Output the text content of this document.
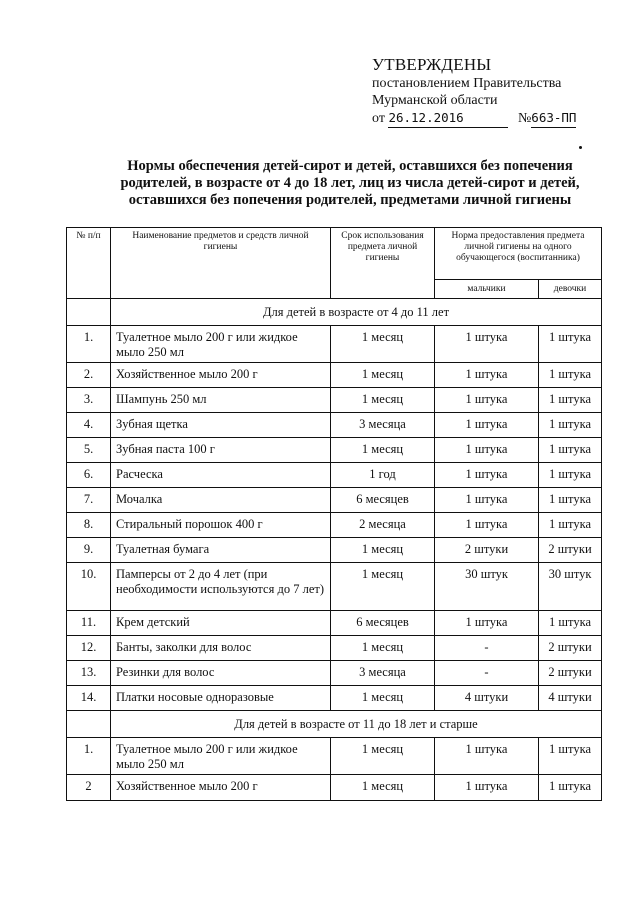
УТВЕРЖДЕНЫ
постановлением Правительства
Мурманской области
от 26.12.2016	№663-ПП
Нормы обеспечения детей-сирот и детей, оставшихся без попечения
родителей, в возрасте от 4 до 18 лет, лиц из числа детей-сирот и детей,
оставшихся без попечения родителей, предметами личной гигиены
№ п/п	Наименование предметов и средств личной гигиены	Срок использования предмета личной гигиены	Норма предоставления предмета личной гигиены на одного обучающегося (воспитанника)	
			мальчики	девочки
	Для детей в возрасте от 4 до 11 лет			
1.	Туалетное мыло 200 г или жидкое мыло 250 мл	1 месяц	1 штука	1 штука
2.	Хозяйственное мыло 200 г	1 месяц	1 штука	1 штука
3.	Шампунь 250 мл	1 месяц	1 штука	1 штука
4.	Зубная щетка	3 месяца	1 штука	1 штука
5.	Зубная паста 100 г	1 месяц	1 штука	1 штука
6.	Расческа	1 год	1 штука	1 штука
7.	Мочалка	6 месяцев	1 штука	1 штука
8.	Стиральный порошок 400 г	2 месяца	1 штука	1 штука
9.	Туалетная бумага	1 месяц	2 штуки	2 штуки
10.	Памперсы от 2 до 4 лет (при необходимости используются до 7 лет)	1 месяц	30 штук	30 штук
11.	Крем детский	6 месяцев	1 штука	1 штука
12.	Банты, заколки для волос	1 месяц	-	2 штуки
13.	Резинки для волос	3 месяца	-	2 штуки
14.	Платки носовые одноразовые	1 месяц	4 штуки	4 штуки
	Для детей в возрасте от 11 до 18 лет и старше			
1.	Туалетное мыло 200 г или жидкое мыло 250 мл	1 месяц	1 штука	1 штука
2	Хозяйственное мыло 200 г	1 месяц	1 штука	1 штука
